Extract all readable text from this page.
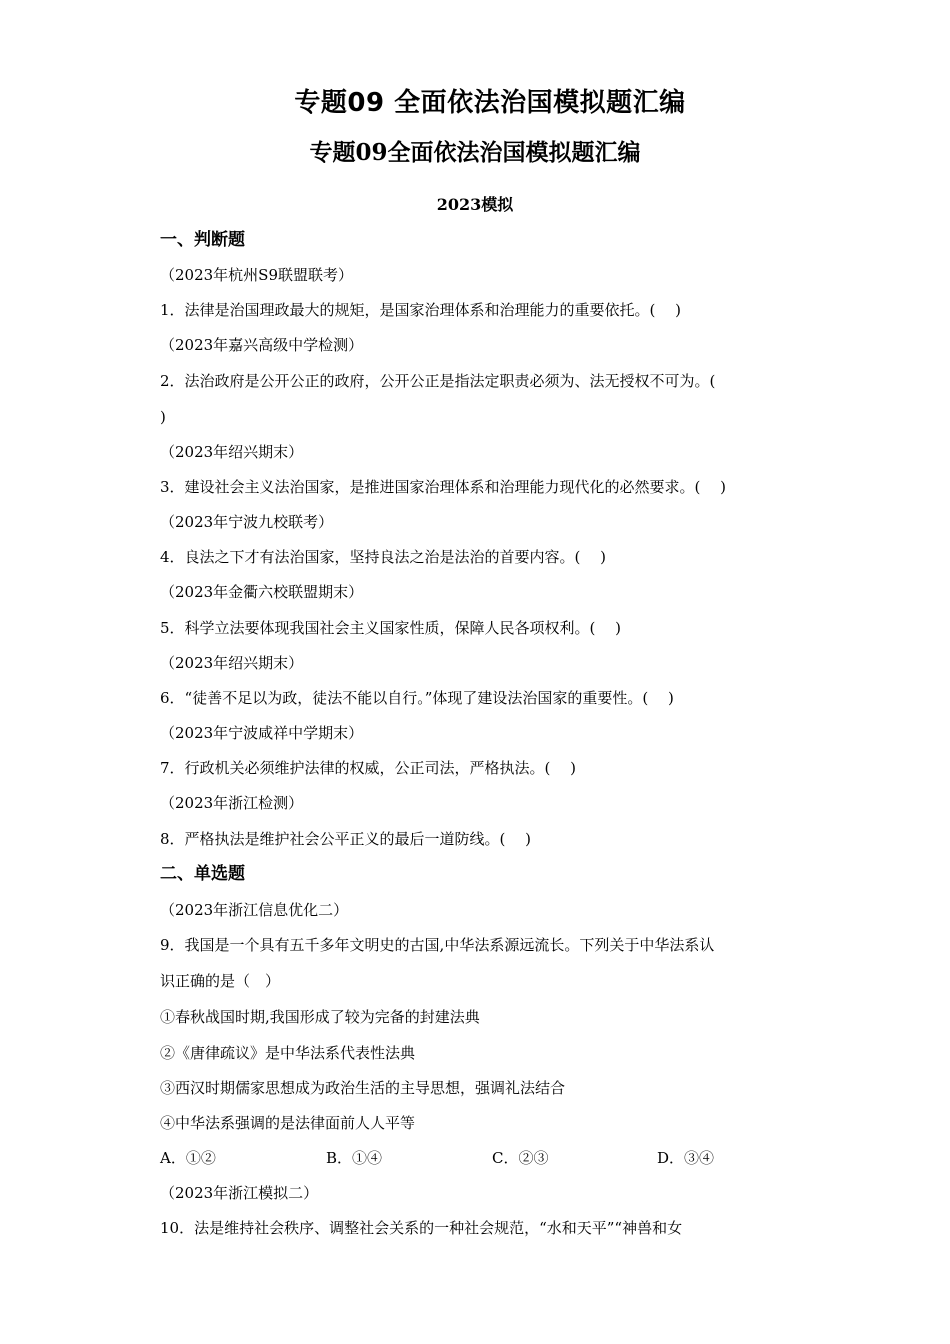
专题09 全面依法治国模拟题汇编
专题09全面依法治国模拟题汇编
2023模拟
一、判断题
（2023年杭州S9联盟联考）
1．法律是治国理政最大的规矩，是国家治理体系和治理能力的重要依托。(　 )
（2023年嘉兴高级中学检测）
2．法治政府是公开公正的政府，公开公正是指法定职责必须为、法无授权不可为。(
)
（2023年绍兴期末）
3．建设社会主义法治国家，是推进国家治理体系和治理能力现代化的必然要求。(　 )
（2023年宁波九校联考）
4．良法之下才有法治国家，坚持良法之治是法治的首要内容。(　 )
（2023年金衢六校联盟期末）
5．科学立法要体现我国社会主义国家性质，保障人民各项权利。(　 )
（2023年绍兴期末）
6．“徒善不足以为政，徒法不能以自行。”体现了建设法治国家的重要性。(　 )
（2023年宁波咸祥中学期末）
7．行政机关必须维护法律的权威，公正司法，严格执法。(　 )
（2023年浙江检测）
8．严格执法是维护社会公平正义的最后一道防线。(　 )
二、单选题
（2023年浙江信息优化二）
9．我国是一个具有五千多年文明史的古国,中华法系源远流长。下列关于中华法系认
识正确的是（　）
①春秋战国时期,我国形成了较为完备的封建法典
②《唐律疏议》是中华法系代表性法典
③西汉时期儒家思想成为政治生活的主导思想，强调礼法结合
④中华法系强调的是法律面前人人平等
A．①②	B．①④	C．②③	D．③④
（2023年浙江模拟二）
10．法是维持社会秩序、调整社会关系的一种社会规范，“水和天平”“神兽和女
